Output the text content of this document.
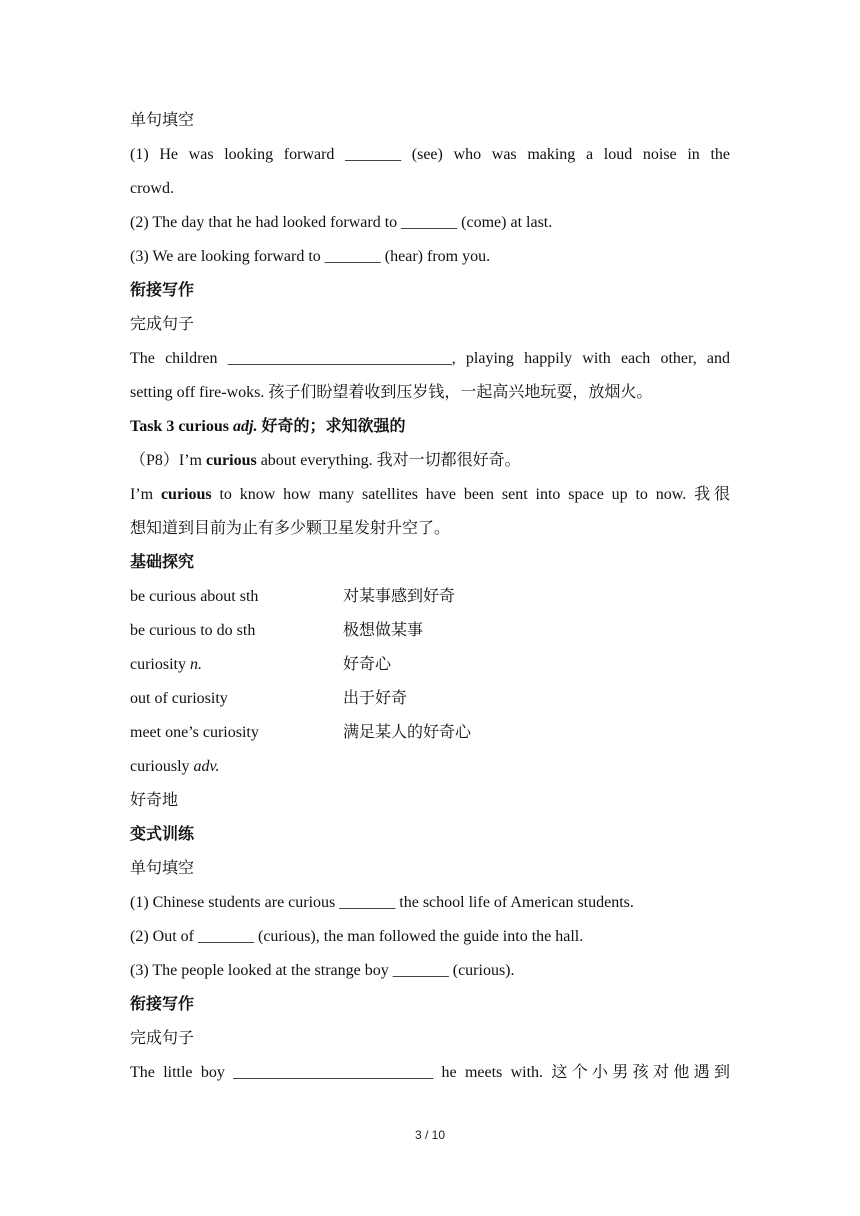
单句填空
(1) He was looking forward _______ (see) who was making a loud noise in the
crowd.
(2) The day that he had looked forward to _______ (come) at last.
(3) We are looking forward to _______ (hear) from you.
衔接写作
完成句子
The children ____________________________, playing happily with each other, and
setting off fire-woks. 孩子们盼望着收到压岁钱，一起高兴地玩耍，放烟火。
Task 3 curious adj. 好奇的；求知欲强的
（P8）I’m curious about everything. 我对一切都很好奇。
I’m curious to know how many satellites have been sent into space up to now. 我很
想知道到目前为止有多少颗卫星发射升空了。
基础探究
be curious about sth	对某事感到好奇
be curious to do sth	极想做某事
curiosity n.	好奇心
out of curiosity	出于好奇
meet one’s curiosity	满足某人的好奇心
curiously adv.
好奇地
变式训练
单句填空
(1) Chinese students are curious _______ the school life of American students.
(2) Out of _______ (curious), the man followed the guide into the hall.
(3) The people looked at the strange boy _______ (curious).
衔接写作
完成句子
The little boy _________________________ he meets with. 这个小男孩对他遇到
3 / 10
